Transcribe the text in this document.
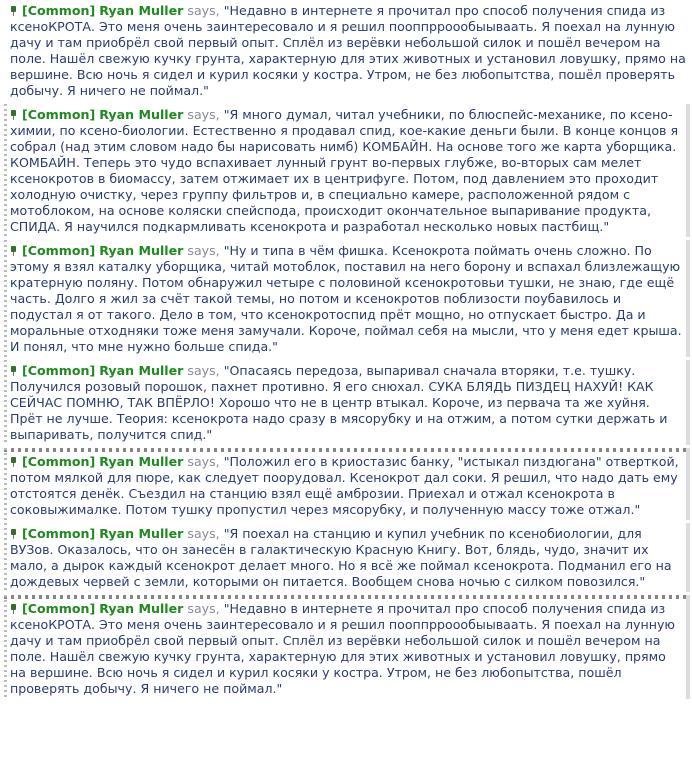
[Common] Ryan Muller says, "Недавно в интернете я прочитал про способ получения спида из ксеноКРОТА. Это меня очень заинтересовало и я решил пооппрроообыываать. Я поехал на лунную дачу и там приобрёл свой первый опыт. Сплёл из верёвки небольшой силок и пошёл вечером на поле. Нашёл свежую кучку грунта, характерную для этих животных и установил ловушку, прямо на вершине. Всю ночь я сидел и курил косяки у костра. Утром, не без любопытства, пошёл проверять добычу. Я ничего не поймал."
[Common] Ryan Muller says, "Я много думал, читал учебники, по блюспейс-механике, по ксено-химии, по ксено-биологии. Естественно я продавал спид, кое-какие деньги были. В конце концов я собрал (над этим словом надо бы нарисовать нимб) КОМБАЙН. На основе того же карта уборщика. КОМБАЙН. Теперь это чудо вспахивает лунный грунт во-первых глубже, во-вторых сам мелет ксенокротов в биомассу, затем отжимает их в центрифуге. Потом, под давлением это проходит холодную очистку, через группу фильтров и, в специально камере, расположенной рядом с мотоблоком, на основе коляски спейспода, происходит окончательное выпаривание продукта, СПИДА. Я научился подкармливать ксенокрота и разработал несколько новых пастбищ."
[Common] Ryan Muller says, "Ну и типа в чём фишка. Ксенокрота поймать очень сложно. По этому я взял каталку уборщика, читай мотоблок, поставил на него борону и вспахал близлежащую кратерную поляну. Потом обнаружил четыре с половиной ксенокротовьи тушки, не знаю, где ещё часть. Долго я жил за счёт такой темы, но потом и ксенокротов поблизости поубавилось и подустал я от такого. Дело в том, что ксенокротоспид прёт мощно, но отпускает быстро. Да и моральные отходняки тоже меня замучали. Короче, поймал себя на мысли, что у меня едет крыша. И понял, что мне нужно больше спида."
[Common] Ryan Muller says, "Опасаясь передоза, выпаривал сначала вторяки, т.е. тушку. Получился розовый порошок, пахнет противно. Я его снюхал. СУКА БЛЯДЬ ПИЗДЕЦ НАХУЙ! КАК СЕЙЧАС ПОМНЮ, ТАК ВПЁРЛО! Хорошо что не в центр втыкал. Короче, из первача та же хуйня. Прёт не лучше. Теория: ксенокрота надо сразу в мясорубку и на отжим, а потом сутки держать и выпаривать, получится спид."
[Common] Ryan Muller says, "Положил его в криостазис банку, "истыкал пиздюгана" отверткой, потом мялкой для пюре, как следует поорудовал. Ксенокрот дал соки. Я решил, что надо дать ему отстоятся денёк. Съездил на станцию взял ещё амброзии. Приехал и отжал ксенокрота в соковыжималке. Потом тушку пропустил через мясорубку, и полученную массу тоже отжал."
[Common] Ryan Muller says, "Я поехал на станцию и купил учебник по ксенобиологии, для ВУЗов. Оказалось, что он занесён в галактическую Красную Книгу. Вот, блядь, чудо, значит их мало, а дырок каждый ксенокрот делает много. Но я всё же поймал ксенокрота. Подманил его на дождевых червей с земли, которыми он питается. Вообщем снова ночью с силком повозился."
[Common] Ryan Muller says, "Недавно в интернете я прочитал про способ получения спида из ксеноКРОТА. Это меня очень заинтересовало и я решил пооппрроообыываать. Я поехал на лунную дачу и там приобрёл свой первый опыт. Сплёл из верёвки небольшой силок и пошёл вечером на поле. Нашёл свежую кучку грунта, характерную для этих животных и установил ловушку, прямо на вершине. Всю ночь я сидел и курил косяки у костра. Утром, не без любопытства, пошёл проверять добычу. Я ничего не поймал."
